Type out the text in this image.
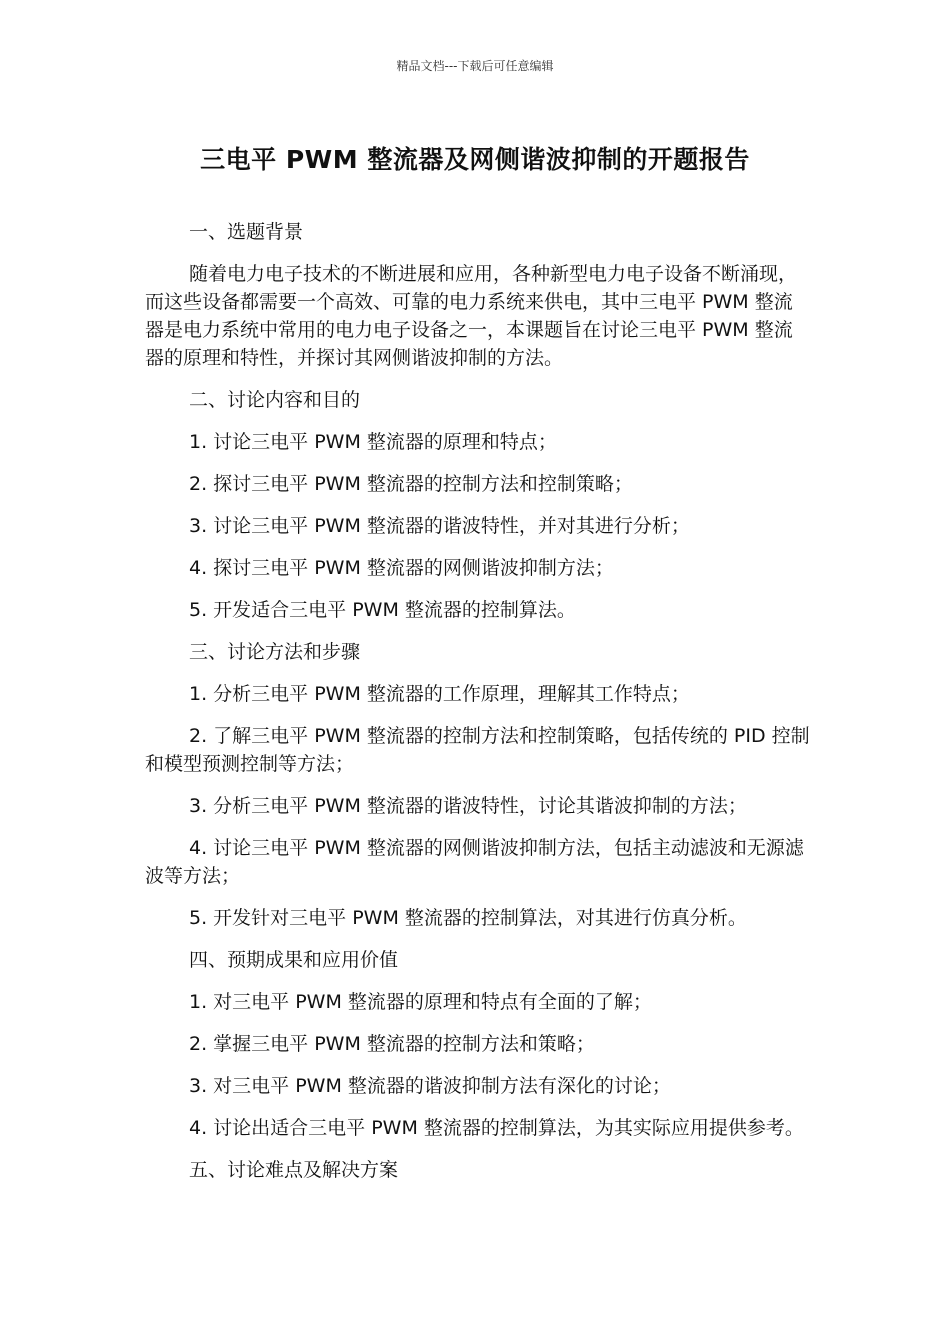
精品文档---下载后可任意编辑
三电平 PWM 整流器及网侧谐波抑制的开题报告

一、选题背景

随着电力电子技术的不断进展和应用，各种新型电力电子设备不断涌现，而这些设备都需要一个高效、可靠的电力系统来供电，其中三电平 PWM 整流器是电力系统中常用的电力电子设备之一，本课题旨在讨论三电平 PWM 整流器的原理和特性，并探讨其网侧谐波抑制的方法。

二、讨论内容和目的

1. 讨论三电平 PWM 整流器的原理和特点；

2. 探讨三电平 PWM 整流器的控制方法和控制策略；

3. 讨论三电平 PWM 整流器的谐波特性，并对其进行分析；

4. 探讨三电平 PWM 整流器的网侧谐波抑制方法；

5. 开发适合三电平 PWM 整流器的控制算法。

三、讨论方法和步骤

1. 分析三电平 PWM 整流器的工作原理，理解其工作特点；

2. 了解三电平 PWM 整流器的控制方法和控制策略，包括传统的 PID 控制和模型预测控制等方法；

3. 分析三电平 PWM 整流器的谐波特性，讨论其谐波抑制的方法；

4. 讨论三电平 PWM 整流器的网侧谐波抑制方法，包括主动滤波和无源滤波等方法；

5. 开发针对三电平 PWM 整流器的控制算法，对其进行仿真分析。

四、预期成果和应用价值

1. 对三电平 PWM 整流器的原理和特点有全面的了解；

2. 掌握三电平 PWM 整流器的控制方法和策略；

3. 对三电平 PWM 整流器的谐波抑制方法有深化的讨论；

4. 讨论出适合三电平 PWM 整流器的控制算法，为其实际应用提供参考。

五、讨论难点及解决方案
